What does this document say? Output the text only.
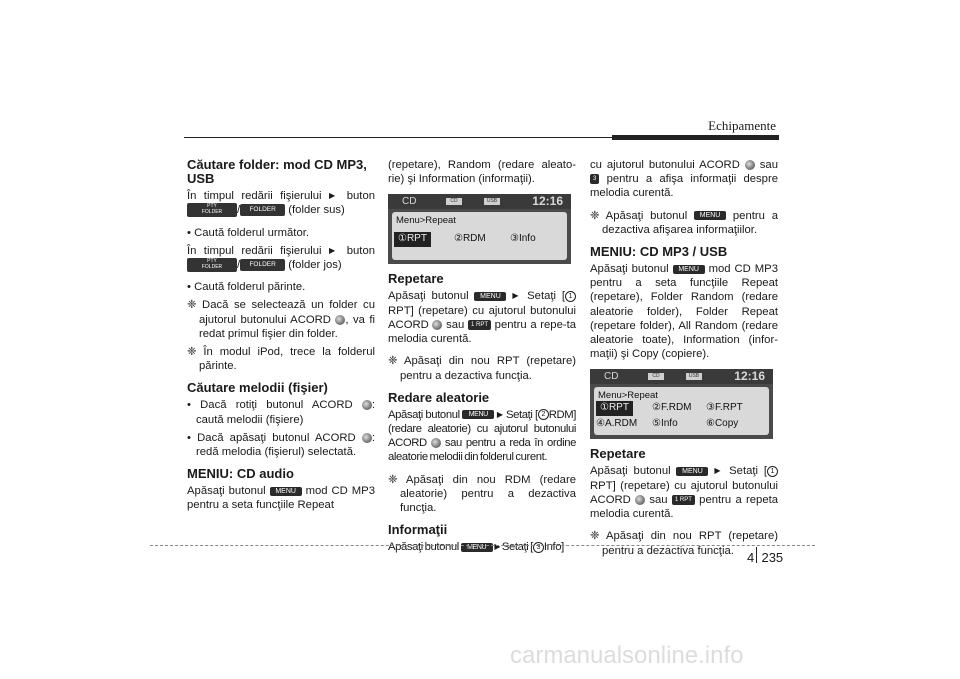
Echipamente
Căutare folder: mod CD MP3, USB

În timpul redării fişierului ▶ buton PTY
FOLDER / FOLDER (folder sus)

• Caută folderul următor.

În timpul redării fişierului ▶ buton PTY
FOLDER / FOLDER (folder jos)

• Caută folderul părinte.

❈ Dacă se selectează un folder cu ajutorul butonului ACORD , va fi redat primul fişier din folder.

❈ În modul iPod, trece la folderul părinte.

Căutare melodii (fişier)

• Dacă rotiţi butonul ACORD : caută melodii (fişiere)

• Dacă apăsaţi butonul ACORD : redă melodia (fişierul) selectată.

MENIU: CD audio

Apăsaţi butonul MENU mod CD MP3 pentru a seta funcţiile Repeat

(repetare), Random (redare aleato-rie) şi Information (informaţii).

CD	CD	USB	12:16
Menu>Repeat
①RPT	②RDM ③Info
Repetare

Apăsaţi butonul MENU ▶ Setaţi [ 1 RPT] (repetare) cu ajutorul butonului ACORD sau 1 RPT pentru a repe-ta melodia curentă.

❈ Apăsaţi din nou RPT (repetare) pentru a dezactiva funcţia.

Redare aleatorie

Apăsaţi butonul MENU ▶ Setaţi [ 2 RDM] (redare aleatorie) cu ajutorul butonului ACORD sau pentru a reda în ordine aleatorie melodii din folderul curent.

❈ Apăsaţi din nou RDM (redare aleatorie) pentru a dezactiva funcţia.

Informaţii

Apăsaţi butonul MENU ▶ Setaţi [ 3 Info]

cu ajutorul butonului ACORD sau 3 pentru a afişa informaţii despre melodia curentă.

❈ Apăsaţi butonul MENU pentru a dezactiva afişarea informaţiilor.

MENIU: CD MP3 / USB

Apăsaţi butonul MENU mod CD MP3 pentru a seta funcţiile Repeat (repetare), Folder Random (redare aleatorie folder), Folder Repeat (repetare folder), All Random (redare aleatorie toate), Information (infor-maţii) şi Copy (copiere).

CD	CD	USB	12:16
Menu>Repeat
①RPT	②F.RDM ③F.RPT
④A.RDM ⑤Info	⑥Copy
Repetare

Apăsaţi butonul MENU ▶ Setaţi [ 1 RPT] (repetare) cu ajutorul butonului ACORD sau 1 RPT pentru a repeta melodia curentă.

❈ Apăsaţi din nou RPT (repetare) pentru a dezactiva funcţia.	4 235
carmanualsonline.info
